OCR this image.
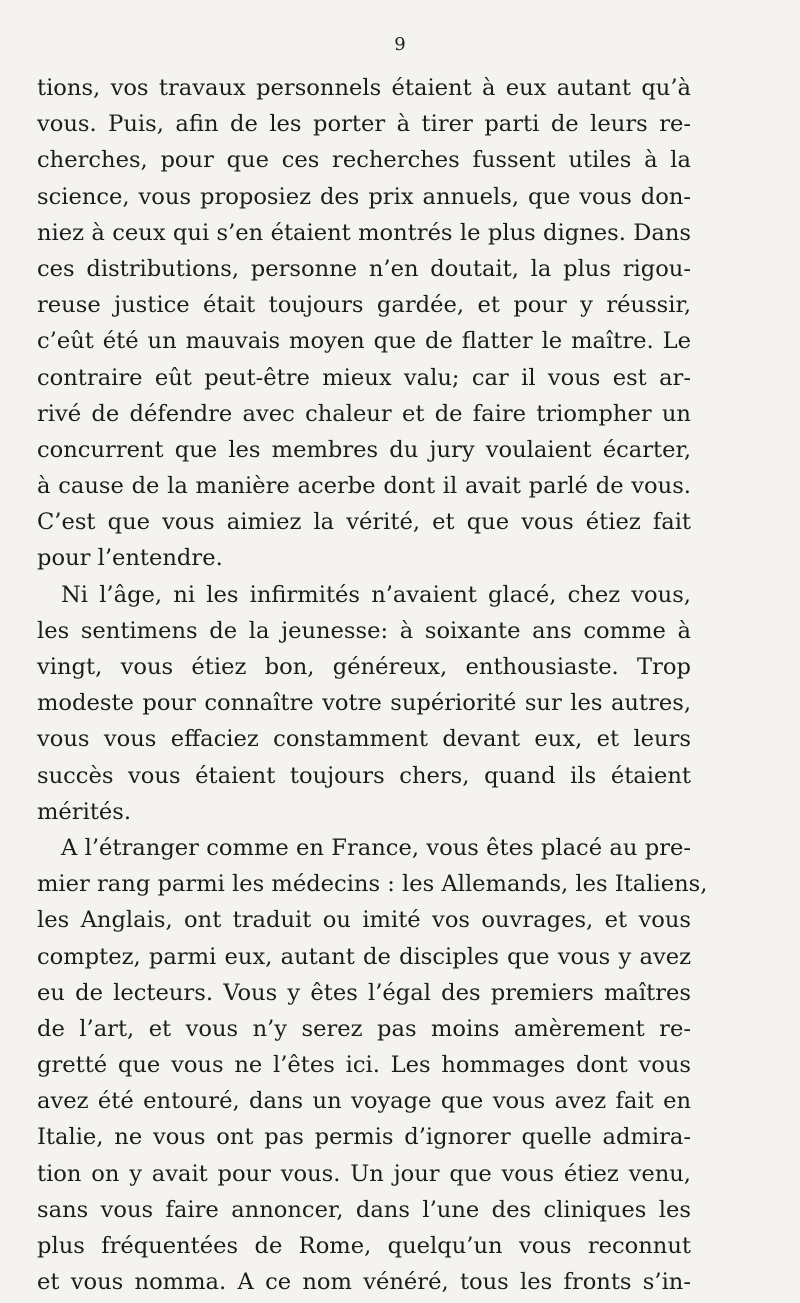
9
tions, vos travaux personnels étaient à eux autant qu’à
vous. Puis, afin de les porter à tirer parti de leurs re-
cherches, pour que ces recherches fussent utiles à la
science, vous proposiez des prix annuels, que vous don-
niez à ceux qui s’en étaient montrés le plus dignes. Dans
ces distributions, personne n’en doutait, la plus rigou-
reuse justice était toujours gardée, et pour y réussir,
c’eût été un mauvais moyen que de flatter le maître. Le
contraire eût peut-être mieux valu; car il vous est ar-
rivé de défendre avec chaleur et de faire triompher un
concurrent que les membres du jury voulaient écarter,
à cause de la manière acerbe dont il avait parlé de vous.
C’est que vous aimiez la vérité, et que vous étiez fait
pour l’entendre.
Ni l’âge, ni les infirmités n’avaient glacé, chez vous,
les sentimens de la jeunesse: à soixante ans comme à
vingt, vous étiez bon, généreux, enthousiaste. Trop
modeste pour connaître votre supériorité sur les autres,
vous vous effaciez constamment devant eux, et leurs
succès vous étaient toujours chers, quand ils étaient
mérités.
A l’étranger comme en France, vous êtes placé au pre-
mier rang parmi les médecins : les Allemands, les Italiens,
les Anglais, ont traduit ou imité vos ouvrages, et vous
comptez, parmi eux, autant de disciples que vous y avez
eu de lecteurs. Vous y êtes l’égal des premiers maîtres
de l’art, et vous n’y serez pas moins amèrement re-
gretté que vous ne l’êtes ici. Les hommages dont vous
avez été entouré, dans un voyage que vous avez fait en
Italie, ne vous ont pas permis d’ignorer quelle admira-
tion on y avait pour vous. Un jour que vous étiez venu,
sans vous faire annoncer, dans l’une des cliniques les
plus fréquentées de Rome, quelqu’un vous reconnut
et vous nomma. A ce nom vénéré, tous les fronts s’in-
